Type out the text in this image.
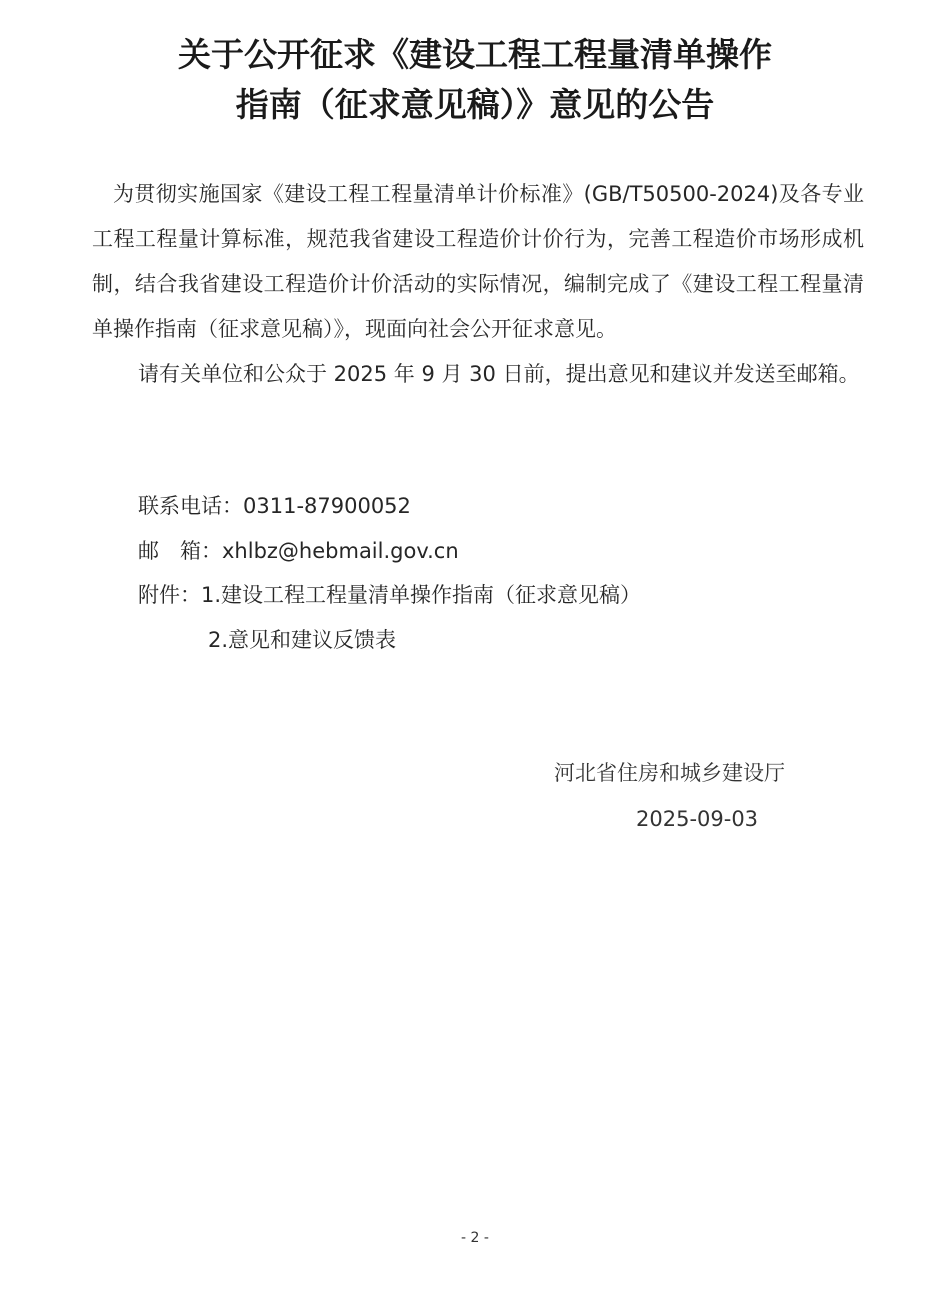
关于公开征求《建设工程工程量清单操作
指南（征求意见稿）》意见的公告

为贯彻实施国家《建设工程工程量清单计价标准》(GB/T50500-2024)及各专业工程工程量计算标准，规范我省建设工程造价计价行为，完善工程造价市场形成机制，结合我省建设工程造价计价活动的实际情况，编制完成了《建设工程工程量清单操作指南（征求意见稿）》，现面向社会公开征求意见。

请有关单位和公众于 2025 年 9 月 30 日前，提出意见和建议并发送至邮箱。

联系电话：0311-87900052
邮　箱：xhlbz@hebmail.gov.cn
附件：1.建设工程工程量清单操作指南（征求意见稿）
2.意见和建议反馈表
河北省住房和城乡建设厅
2025-09-03
- 2 -
